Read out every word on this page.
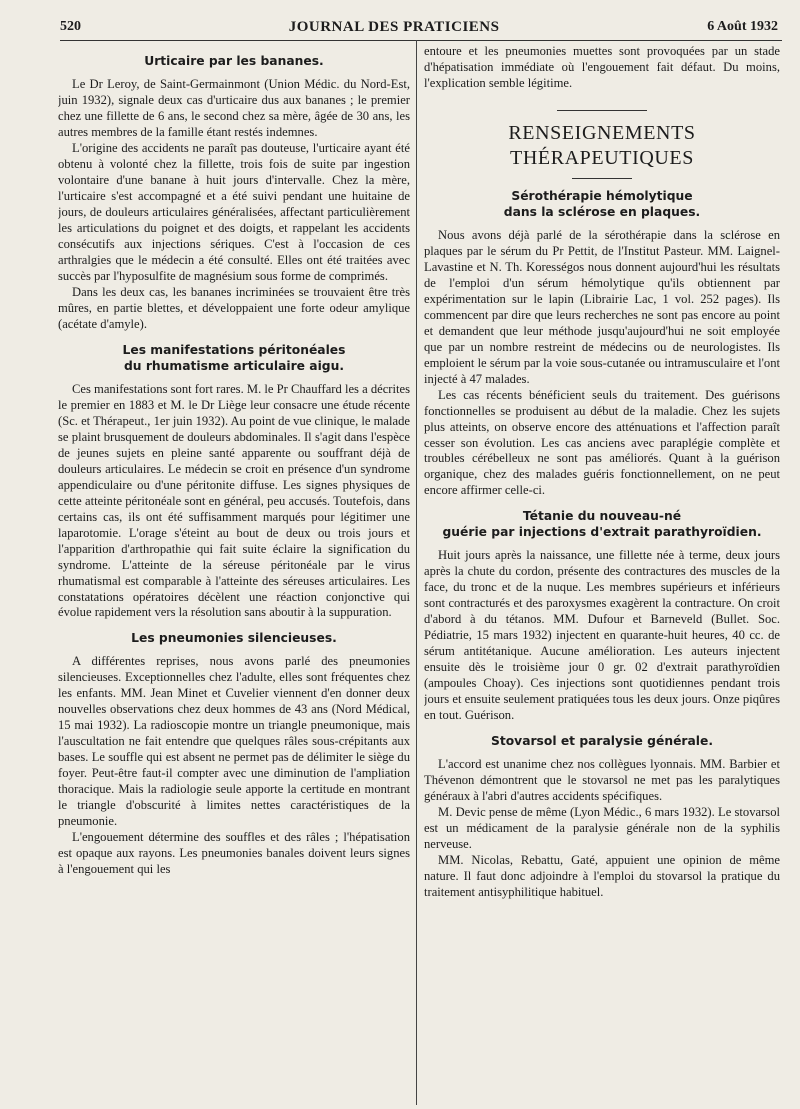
520	JOURNAL DES PRATICIENS	6 Août 1932
Urticaire par les bananes.

Le Dr Leroy, de Saint-Germainmont (Union Médic. du Nord-Est, juin 1932), signale deux cas d'urticaire dus aux bananes ; le premier chez une fillette de 6 ans, le second chez sa mère, âgée de 30 ans, les autres membres de la famille étant restés indemnes.

L'origine des accidents ne paraît pas douteuse, l'urticaire ayant été obtenu à volonté chez la fillette, trois fois de suite par ingestion volontaire d'une banane à huit jours d'intervalle. Chez la mère, l'urticaire s'est accompagné et a été suivi pendant une huitaine de jours, de douleurs articulaires généralisées, affectant particulièrement les articulations du poignet et des doigts, et rappelant les accidents consécutifs aux injections sériques. C'est à l'occasion de ces arthralgies que le médecin a été consulté. Elles ont été traitées avec succès par l'hyposulfite de magnésium sous forme de comprimés.

Dans les deux cas, les bananes incriminées se trouvaient être très mûres, en partie blettes, et développaient une forte odeur amylique (acétate d'amyle).

Les manifestations péritonéales
du rhumatisme articulaire aigu.

Ces manifestations sont fort rares. M. le Pr Chauffard les a décrites le premier en 1883 et M. le Dr Liège leur consacre une étude récente (Sc. et Thérapeut., 1er juin 1932). Au point de vue clinique, le malade se plaint brusquement de douleurs abdominales. Il s'agit dans l'espèce de jeunes sujets en pleine santé apparente ou souffrant déjà de douleurs articulaires. Le médecin se croit en présence d'un syndrome appendiculaire ou d'une péritonite diffuse. Les signes physiques de cette atteinte péritonéale sont en général, peu accusés. Toutefois, dans certains cas, ils ont été suffisamment marqués pour légitimer une laparotomie. L'orage s'éteint au bout de deux ou trois jours et l'apparition d'arthropathie qui fait suite éclaire la signification du syndrome. L'atteinte de la séreuse péritonéale par le virus rhumatismal est comparable à l'atteinte des séreuses articulaires. Les constatations opératoires décèlent une réaction conjonctive qui évolue rapidement vers la résolution sans aboutir à la suppuration.

Les pneumonies silencieuses.

A différentes reprises, nous avons parlé des pneumonies silencieuses. Exceptionnelles chez l'adulte, elles sont fréquentes chez les enfants. MM. Jean Minet et Cuvelier viennent d'en donner deux nouvelles observations chez deux hommes de 43 ans (Nord Médical, 15 mai 1932). La radioscopie montre un triangle pneumonique, mais l'auscultation ne fait entendre que quelques râles sous-crépitants aux bases. Le souffle qui est absent ne permet pas de délimiter le siège du foyer. Peut-être faut-il compter avec une diminution de l'ampliation thoracique. Mais la radiologie seule apporte la certitude en montrant le triangle d'obscurité à limites nettes caractéristiques de la pneumonie.

L'engouement détermine des souffles et des râles ; l'hépatisation est opaque aux rayons. Les pneumonies banales doivent leurs signes à l'engouement qui les

entoure et les pneumonies muettes sont provoquées par un stade d'hépatisation immédiate où l'engouement fait défaut. Du moins, l'explication semble légitime.

RENSEIGNEMENTS THÉRAPEUTIQUES
Sérothérapie hémolytique
dans la sclérose en plaques.

Nous avons déjà parlé de la sérothérapie dans la sclérose en plaques par le sérum du Pr Pettit, de l'Institut Pasteur. MM. Laignel-Lavastine et N. Th. Korességos nous donnent aujourd'hui les résultats de l'emploi d'un sérum hémolytique qu'ils obtiennent par expérimentation sur le lapin (Librairie Lac, 1 vol. 252 pages). Ils commencent par dire que leurs recherches ne sont pas encore au point et demandent que leur méthode jusqu'aujourd'hui ne soit employée que par un nombre restreint de médecins ou de neurologistes. Ils emploient le sérum par la voie sous-cutanée ou intramusculaire et l'ont injecté à 47 malades.

Les cas récents bénéficient seuls du traitement. Des guérisons fonctionnelles se produisent au début de la maladie. Chez les sujets plus atteints, on observe encore des atténuations et l'affection paraît cesser son évolution. Les cas anciens avec paraplégie complète et troubles cérébelleux ne sont pas améliorés. Quant à la guérison organique, chez des malades guéris fonctionnellement, on ne peut encore affirmer celle-ci.

Tétanie du nouveau-né
guérie par injections d'extrait parathyroïdien.

Huit jours après la naissance, une fillette née à terme, deux jours après la chute du cordon, présente des contractures des muscles de la face, du tronc et de la nuque. Les membres supérieurs et inférieurs sont contracturés et des paroxysmes exagèrent la contracture. On croit d'abord à du tétanos. MM. Dufour et Barneveld (Bullet. Soc. Pédiatrie, 15 mars 1932) injectent en quarante-huit heures, 40 cc. de sérum antitétanique. Aucune amélioration. Les auteurs injectent ensuite dès le troisième jour 0 gr. 02 d'extrait parathyroïdien (ampoules Choay). Ces injections sont quotidiennes pendant trois jours et ensuite seulement pratiquées tous les deux jours. Onze piqûres en tout. Guérison.

Stovarsol et paralysie générale.

L'accord est unanime chez nos collègues lyonnais. MM. Barbier et Thévenon démontrent que le stovarsol ne met pas les paralytiques généraux à l'abri d'autres accidents spécifiques.

M. Devic pense de même (Lyon Médic., 6 mars 1932). Le stovarsol est un médicament de la paralysie générale non de la syphilis nerveuse.

MM. Nicolas, Rebattu, Gaté, appuient une opinion de même nature. Il faut donc adjoindre à l'emploi du stovarsol la pratique du traitement antisyphilitique habituel.
